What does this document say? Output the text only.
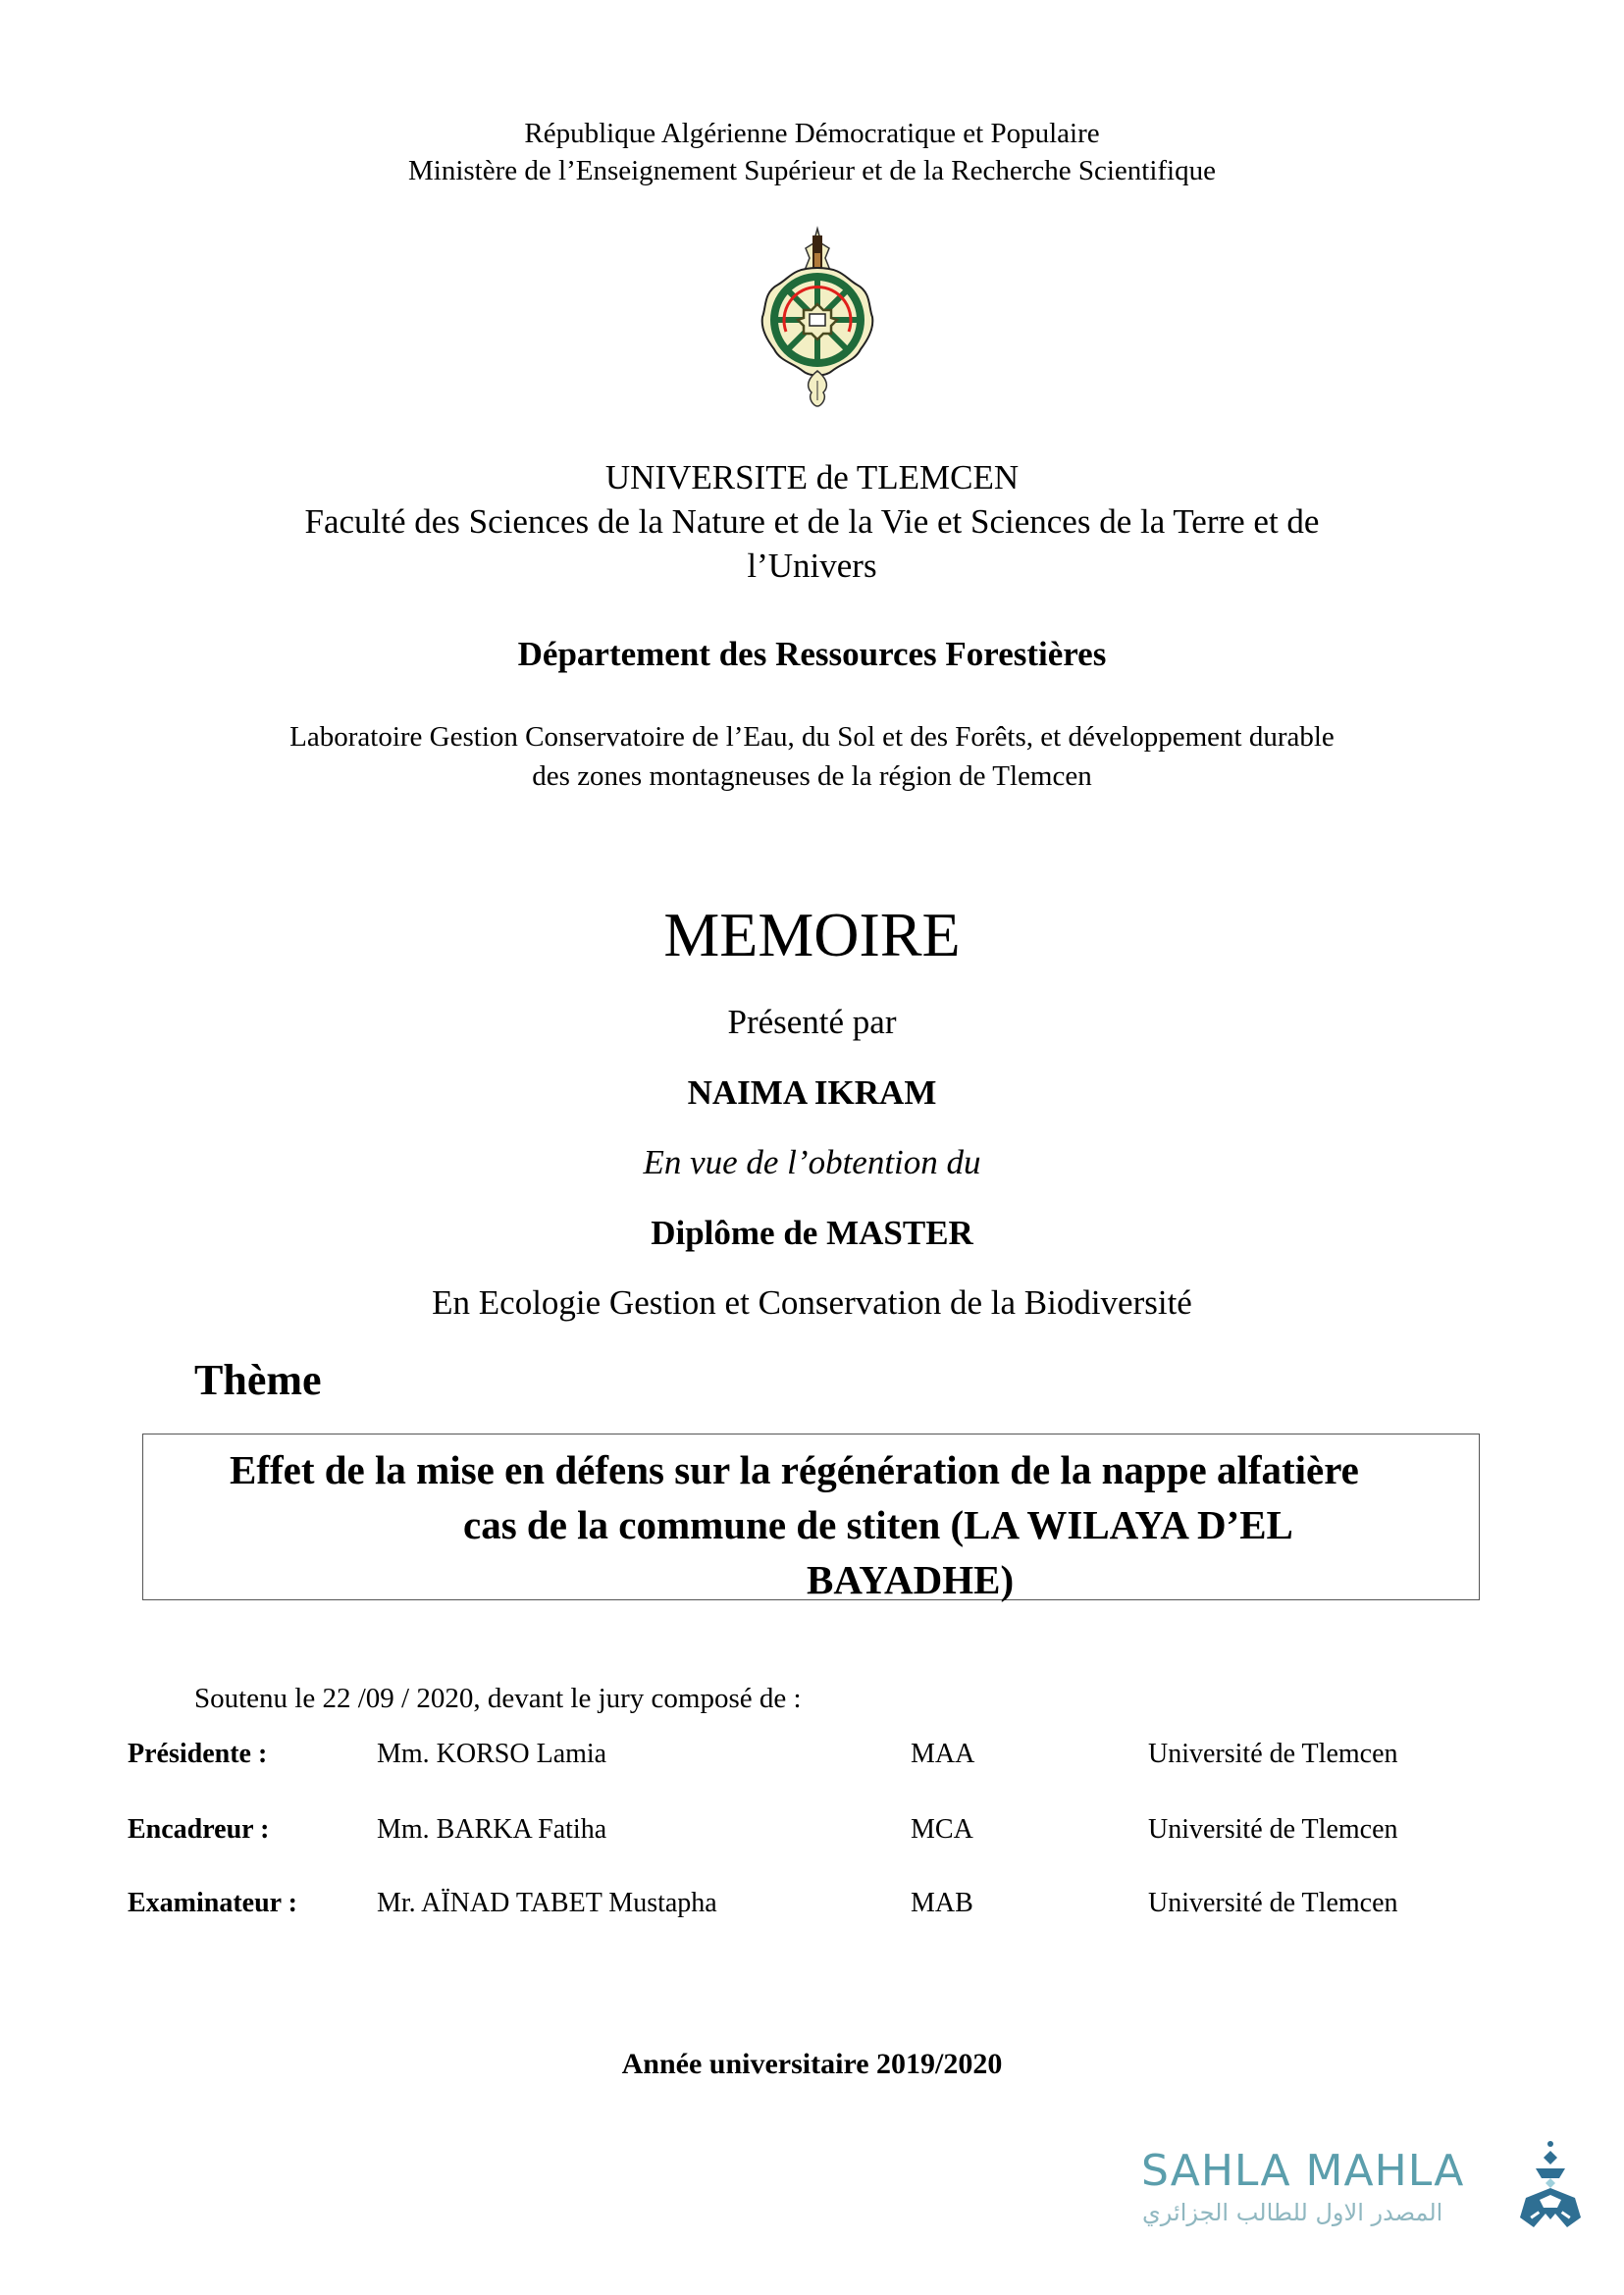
République Algérienne Démocratique et Populaire
Ministère de l’Enseignement Supérieur et de la Recherche Scientifique
UNIVERSITE de TLEMCEN
Faculté des Sciences de la Nature et de la Vie et Sciences de la Terre et de
l’Univers
Département des Ressources Forestières
Laboratoire Gestion Conservatoire de l’Eau, du Sol et des Forêts, et développement durable
des zones montagneuses de la région de Tlemcen
MEMOIRE
Présenté par
NAIMA IKRAM
En vue de l’obtention du
Diplôme de MASTER
En Ecologie Gestion et Conservation de la Biodiversité
Thème
Effet de la mise en défens sur la régénération de la nappe alfatière
cas de la commune de stiten (LA WILAYA D’EL
BAYADHE)
Soutenu le 22 /09 / 2020, devant le jury composé de :
Présidente :	Mm. KORSO Lamia	MAA	Université de Tlemcen
Encadreur :	Mm. BARKA Fatiha	MCA	Université de Tlemcen
Examinateur :	Mr. AÏNAD TABET Mustapha	MAB	Université de Tlemcen
Année universitaire 2019/2020
SAHLA MAHLA
المصدر الاول للطالب الجزائري
